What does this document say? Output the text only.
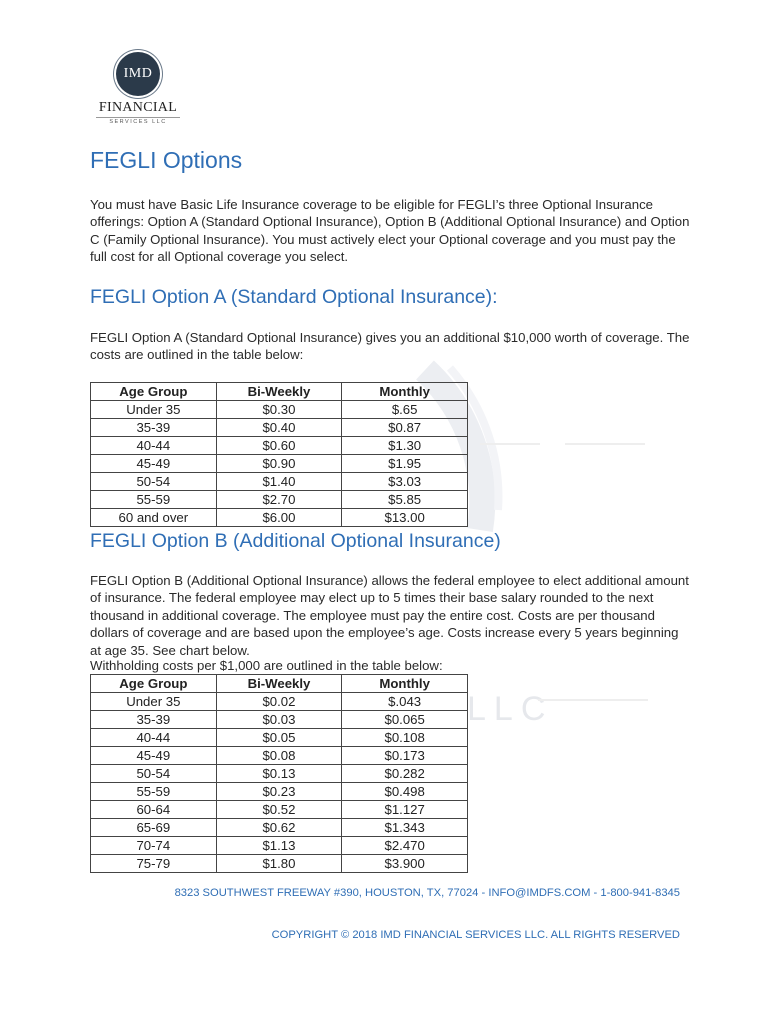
LLC
IMD
FINANCIAL
SERVICES LLC
FEGLI Options

You must have Basic Life Insurance coverage to be eligible for FEGLI’s three Optional Insurance offerings: Option A (Standard Optional Insurance), Option B (Additional Optional Insurance) and Option C (Family Optional Insurance). You must actively elect your Optional coverage and you must pay the full cost for all Optional coverage you select.

FEGLI Option A (Standard Optional Insurance):

FEGLI Option A (Standard Optional Insurance) gives you an additional $10,000 worth of coverage. The costs are outlined in the table below:

Age Group	Bi-Weekly	Monthly
Under 35	$0.30	$.65
35-39	$0.40	$0.87
40-44	$0.60	$1.30
45-49	$0.90	$1.95
50-54	$1.40	$3.03
55-59	$2.70	$5.85
60 and over	$6.00	$13.00
FEGLI Option B (Additional Optional Insurance)

FEGLI Option B (Additional Optional Insurance) allows the federal employee to elect additional amount of insurance. The federal employee may elect up to 5 times their base salary rounded to the next thousand in additional coverage. The employee must pay the entire cost. Costs are per thousand dollars of coverage and are based upon the employee’s age. Costs increase every 5 years beginning at age 35. See chart below.

Withholding costs per $1,000 are outlined in the table below:

Age Group	Bi-Weekly	Monthly
Under 35	$0.02	$.043
35-39	$0.03	$0.065
40-44	$0.05	$0.108
45-49	$0.08	$0.173
50-54	$0.13	$0.282
55-59	$0.23	$0.498
60-64	$0.52	$1.127
65-69	$0.62	$1.343
70-74	$1.13	$2.470
75-79	$1.80	$3.900
8323 SOUTHWEST FREEWAY #390, HOUSTON, TX, 77024 - INFO@IMDFS.COM - 1-800-941-8345
COPYRIGHT © 2018 IMD FINANCIAL SERVICES LLC. ALL RIGHTS RESERVED
